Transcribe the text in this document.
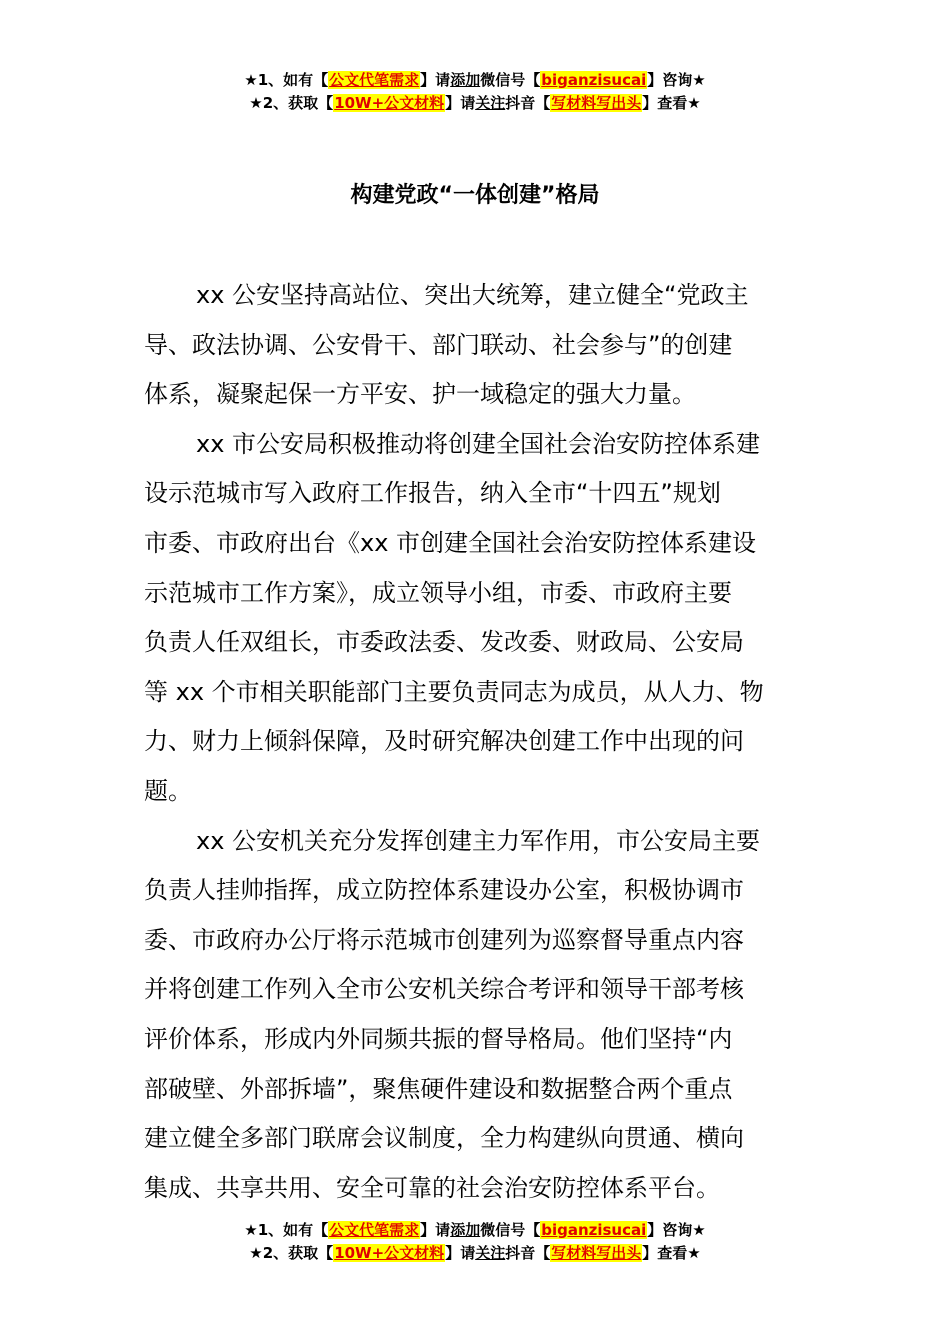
★1、如有【公文代笔需求】请添加微信号【biganzisucai】咨询★
★2、获取【10W+公文材料】请关注抖音【写材料写出头】查看★
构建党政“一体创建”格局
xx 公安坚持高站位、突出大统筹，建立健全“党政主
导、政法协调、公安骨干、部门联动、社会参与”的创建
体系，凝聚起保一方平安、护一域稳定的强大力量。
xx 市公安局积极推动将创建全国社会治安防控体系建
设示范城市写入政府工作报告，纳入全市“十四五”规划
市委、市政府出台《xx 市创建全国社会治安防控体系建设
示范城市工作方案》，成立领导小组，市委、市政府主要
负责人任双组长，市委政法委、发改委、财政局、公安局
等 xx 个市相关职能部门主要负责同志为成员，从人力、物
力、财力上倾斜保障，及时研究解决创建工作中出现的问
题。
xx 公安机关充分发挥创建主力军作用，市公安局主要
负责人挂帅指挥，成立防控体系建设办公室，积极协调市
委、市政府办公厅将示范城市创建列为巡察督导重点内容
并将创建工作列入全市公安机关综合考评和领导干部考核
评价体系，形成内外同频共振的督导格局。他们坚持“内
部破壁、外部拆墙”，聚焦硬件建设和数据整合两个重点
建立健全多部门联席会议制度，全力构建纵向贯通、横向
集成、共享共用、安全可靠的社会治安防控体系平台。
★1、如有【公文代笔需求】请添加微信号【biganzisucai】咨询★
★2、获取【10W+公文材料】请关注抖音【写材料写出头】查看★
